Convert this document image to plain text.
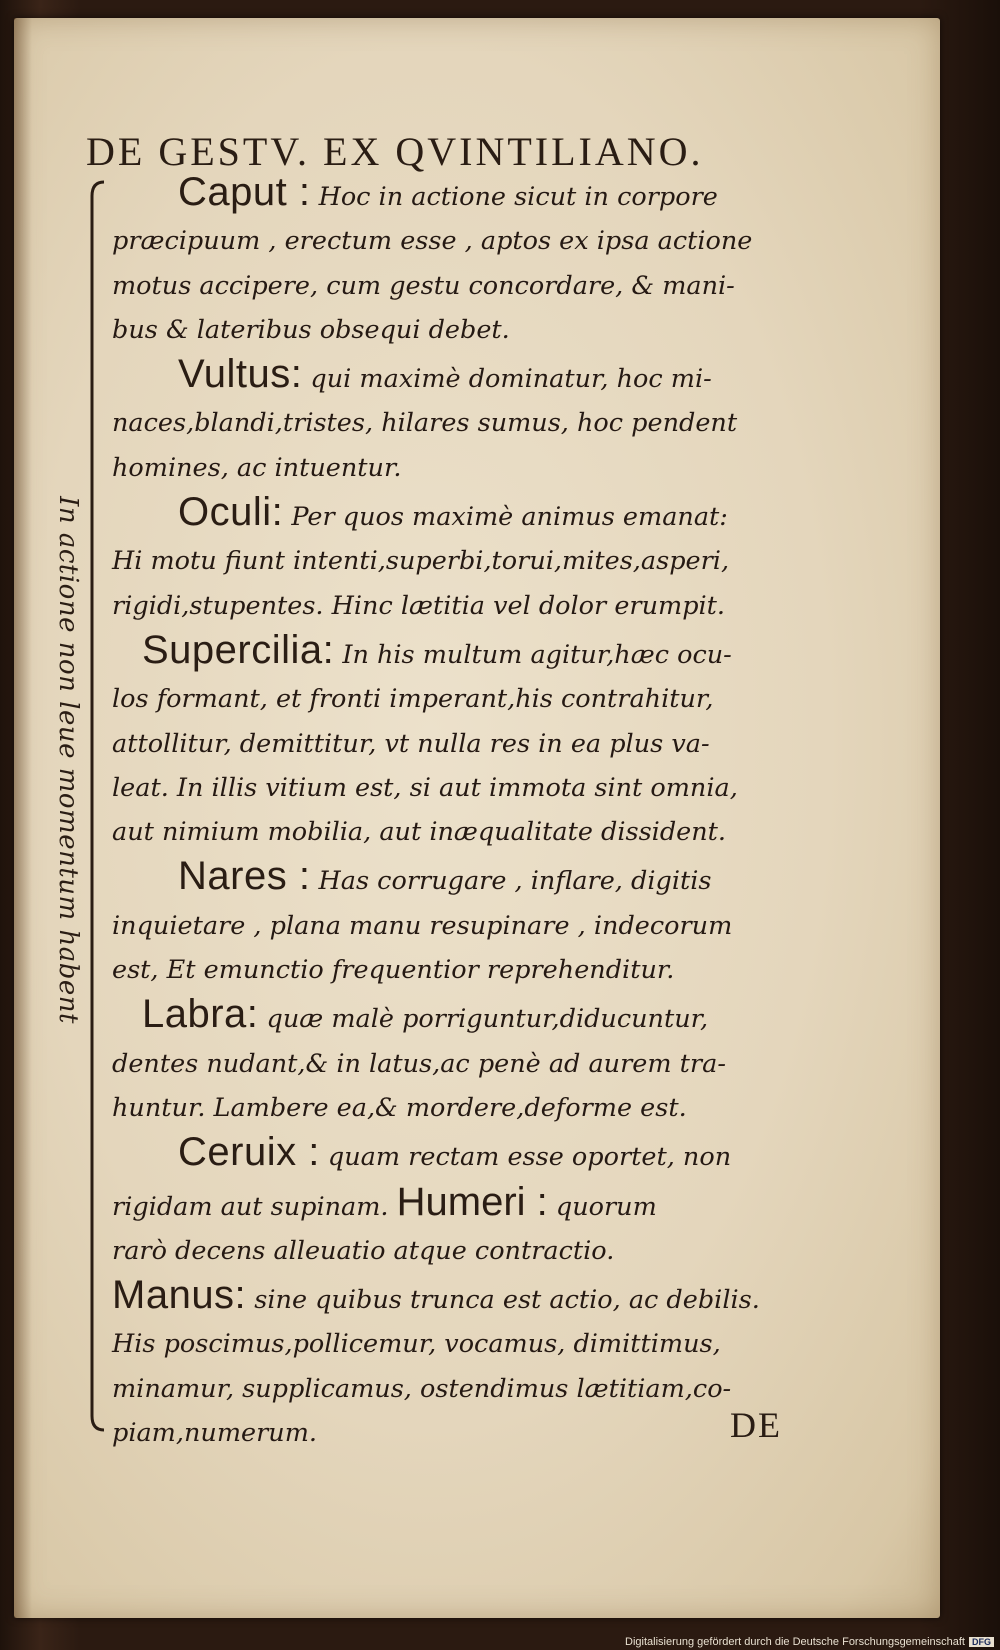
DE GESTV. EX QVINTILIANO.
In actione non leue momentum habent
Caput : Hoc in actione sicut in corpore
præcipuum , erectum esse , aptos ex ipsa actione
motus accipere, cum gestu concordare, & mani-
bus & lateribus obsequi debet.
Vultus: qui maximè dominatur, hoc mi-
naces,blandi,tristes, hilares sumus, hoc pendent
homines, ac intuentur.
Oculi: Per quos maximè animus emanat:
Hi motu fiunt intenti,superbi,torui,mites,asperi,
rigidi,stupentes. Hinc lætitia vel dolor erumpit.
Supercilia: In his multum agitur,hæc ocu-
los formant, et fronti imperant,his contrahitur,
attollitur, demittitur, vt nulla res in ea plus va-
leat. In illis vitium est, si aut immota sint omnia,
aut nimium mobilia, aut inæqualitate dissident.
Nares : Has corrugare , inflare, digitis
inquietare , plana manu resupinare , indecorum
est, Et emunctio frequentior reprehenditur.
Labra: quæ malè porriguntur,diducuntur,
dentes nudant,& in latus,ac penè ad aurem tra-
huntur. Lambere ea,& mordere,deforme est.
Ceruix : quam rectam esse oportet, non
rigidam aut supinam. Humeri : quorum
rarò decens alleuatio atque contractio.
Manus: sine quibus trunca est actio, ac debilis.
His poscimus,pollicemur, vocamus, dimittimus,
minamur, supplicamus, ostendimus lætitiam,co-
piam,numerum.	DE
Digitalisierung gefördert durch die Deutsche Forschungsgemeinschaft DFG
